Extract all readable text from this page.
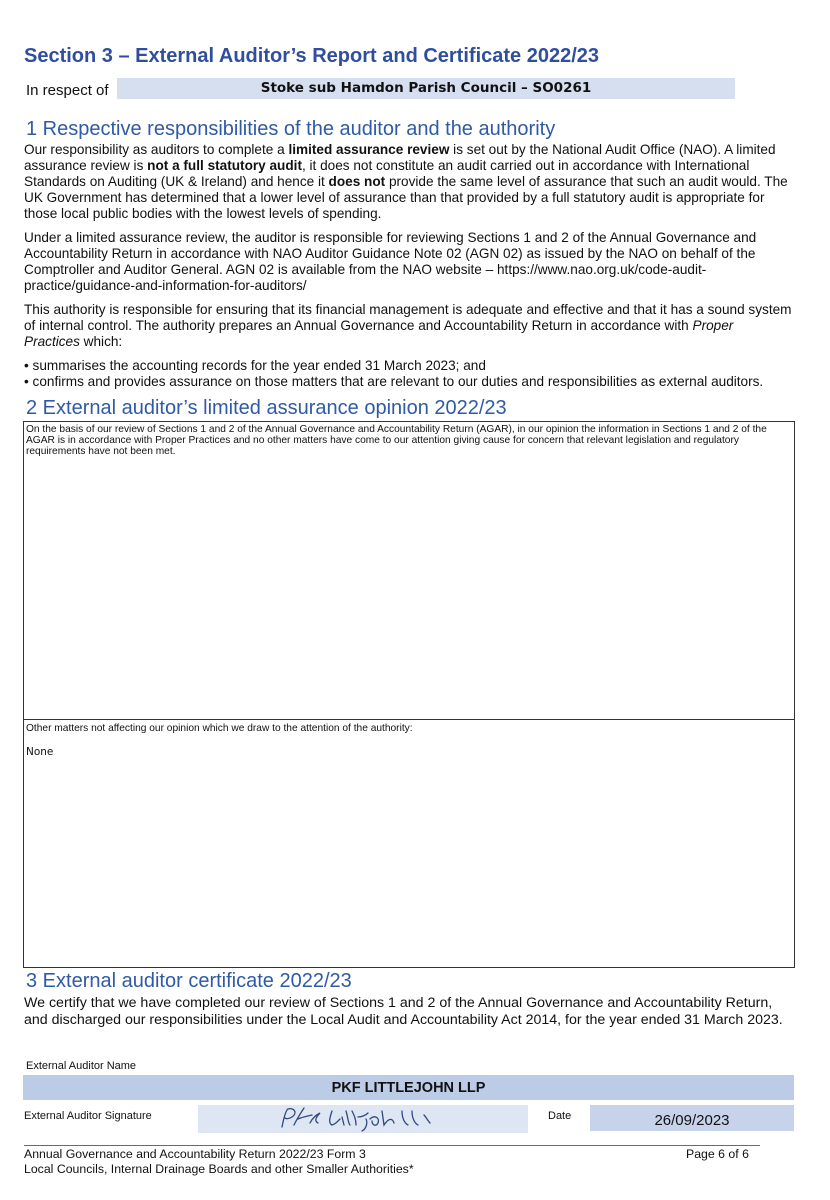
Section 3 – External Auditor’s Report and Certificate 2022/23
In respect of	Stoke sub Hamdon Parish Council – SO0261
1 Respective responsibilities of the auditor and the authority

Our responsibility as auditors to complete a limited assurance review is set out by the National Audit Office (NAO). A limited assurance review is not a full statutory audit, it does not constitute an audit carried out in accordance with International Standards on Auditing (UK & Ireland) and hence it does not provide the same level of assurance that such an audit would. The UK Government has determined that a lower level of assurance than that provided by a full statutory audit is appropriate for those local public bodies with the lowest levels of spending.

Under a limited assurance review, the auditor is responsible for reviewing Sections 1 and 2 of the Annual Governance and Accountability Return in accordance with NAO Auditor Guidance Note 02 (AGN 02) as issued by the NAO on behalf of the Comptroller and Auditor General. AGN 02 is available from the NAO website – https://www.nao.org.uk/code-audit-practice/guidance-and-information-for-auditors/

This authority is responsible for ensuring that its financial management is adequate and effective and that it has a sound system of internal control. The authority prepares an Annual Governance and Accountability Return in accordance with Proper Practices which:

• summarises the accounting records for the year ended 31 March 2023; and
• confirms and provides assurance on those matters that are relevant to our duties and responsibilities as external auditors.
2 External auditor’s limited assurance opinion 2022/23

On the basis of our review of Sections 1 and 2 of the Annual Governance and Accountability Return (AGAR), in our opinion the information in Sections 1 and 2 of the AGAR is in accordance with Proper Practices and no other matters have come to our attention giving cause for concern that relevant legislation and regulatory requirements have not been met.

Other matters not affecting our opinion which we draw to the attention of the authority:

None
3 External auditor certificate 2022/23

We certify that we have completed our review of Sections 1 and 2 of the Annual Governance and Accountability Return, and discharged our responsibilities under the Local Audit and Accountability Act 2014, for the year ended 31 March 2023.

External Auditor Name
PKF LITTLEJOHN LLP
External Auditor Signature	Date	26/09/2023
Annual Governance and Accountability Return 2022/23 Form 3
Local Councils, Internal Drainage Boards and other Smaller Authorities*
Page 6 of 6
